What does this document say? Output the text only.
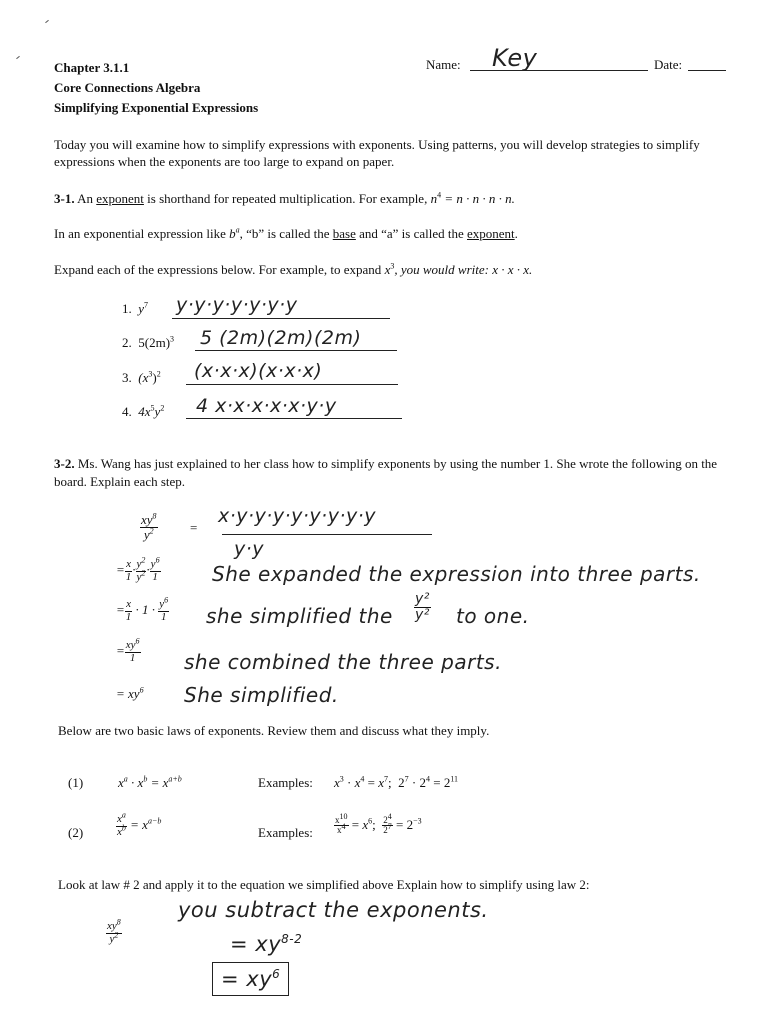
Chapter 3.1.1
Core Connections Algebra
Simplifying Exponential Expressions
Name: Key	Date:
Today you will examine how to simplify expressions with exponents. Using patterns, you will develop strategies to simplify expressions when the exponents are too large to expand on paper.
3-1. An exponent is shorthand for repeated multiplication. For example, $n^4 = n \cdot n \cdot n \cdot n$.
In an exponential expression like $b^a$, “b” is called the base and “a” is called the exponent.
Expand each of the expressions below. For example, to expand $x^3$, you would write: x · x · x.
1. $y^7$ y·y·y·y·y·y·y
2. $5(2m)^3$ 5 (2m)(2m)(2m)
3. $(x^3)^2$ (x·x·x)(x·x·x)
4. $4x^5y^2$ 4 x·x·x·x·x·y·y
3-2. Ms. Wang has just explained to her class how to simplify exponents by using the number 1. She wrote the following on the board. Explain each step.
$\frac{xy^8}{y^2}$ =
x·y·y·y·y·y·y·y·y
y·y
= $\frac{x}{1} \cdot \frac{y^2}{y^2} \cdot \frac{y^6}{1}$	She expanded the expression into three parts.
= $\frac{x}{1} \cdot 1 \cdot \frac{y^6}{1}$ she simplified the $\frac{\text{y²}}{\text{y²}}$ to one.
= $\frac{xy^6}{1}$ she combined the three parts.
= $xy^6$ She simplified.
Below are two basic laws of exponents. Review them and discuss what they imply.
(1)	$x^a \cdot x^b = x^{a+b}$	Examples: $x^3 \cdot x^4 = x^7$;  $2^7 \cdot 2^4 = 2^{11}$
(2)	$\frac{x^a}{x^b} = x^{a-b}$
Examples: $\frac{x^{10}}{x^4} = x^6$; $\frac{2^4}{2^7} = 2^{-3}$
Look at law # 2 and apply it to the equation we simplified above Explain how to simplify using law 2:
$\frac{xy^8}{y^2}$
you subtract the exponents.
= $xy^{8-2}$
= $xy^6$
